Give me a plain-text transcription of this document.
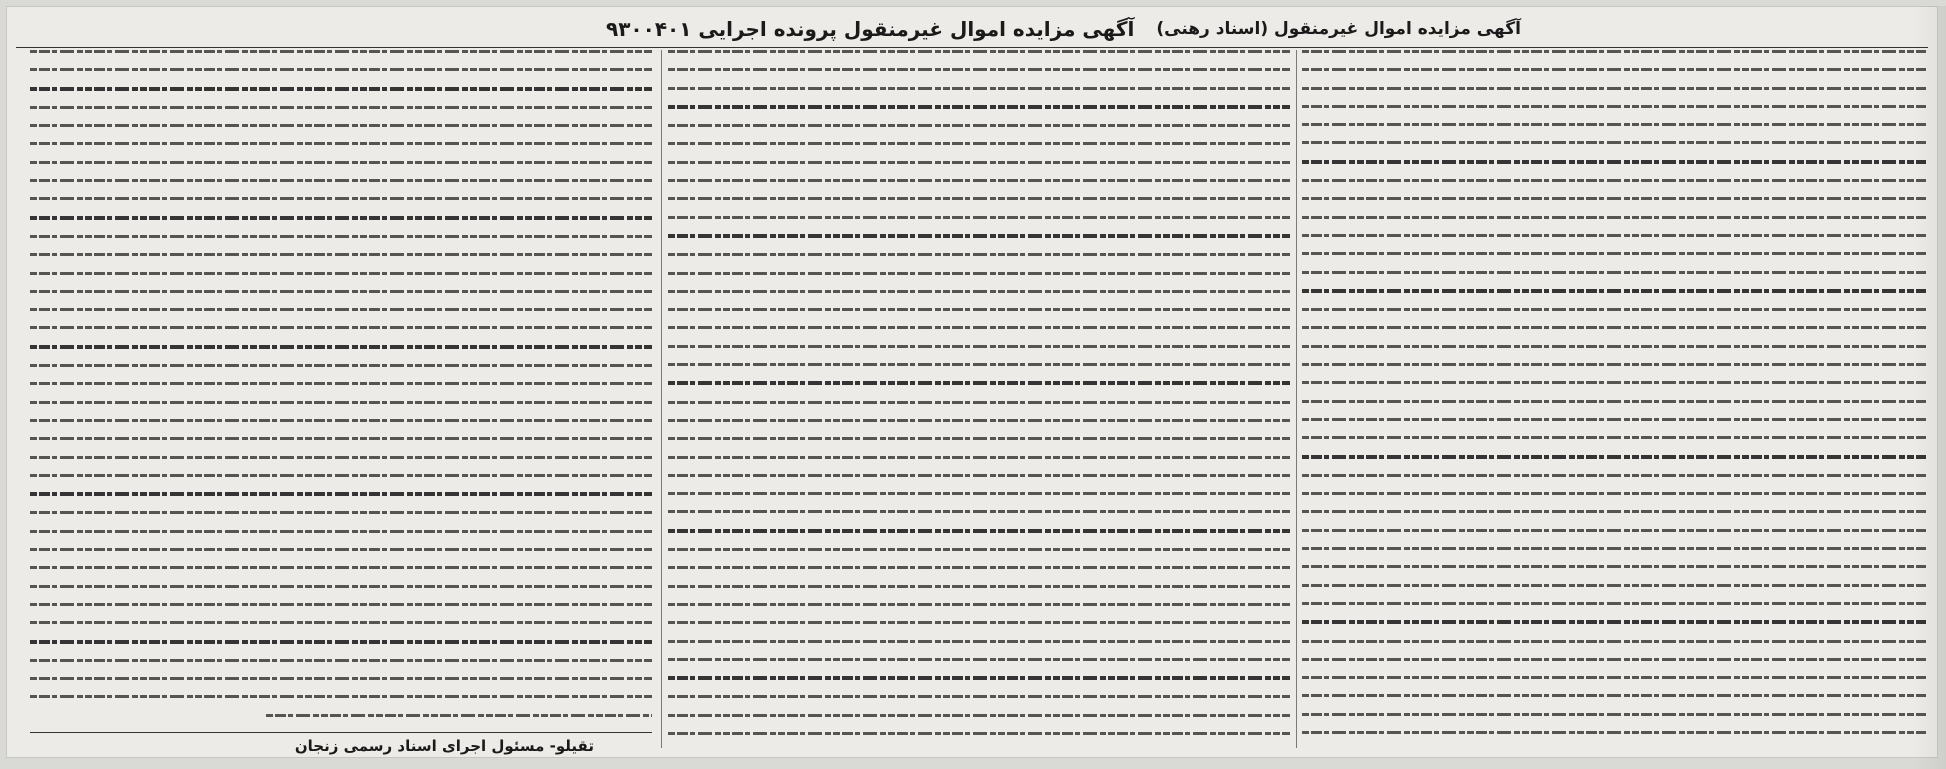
آگهی مزایده اموال غیرمنقول پرونده اجرایی ۹۳۰۰۴۰۱ آگهی مزایده اموال غیرمنقول (اسناد رهنی)
تقیلو- مسئول اجرای اسناد رسمی زنجان
